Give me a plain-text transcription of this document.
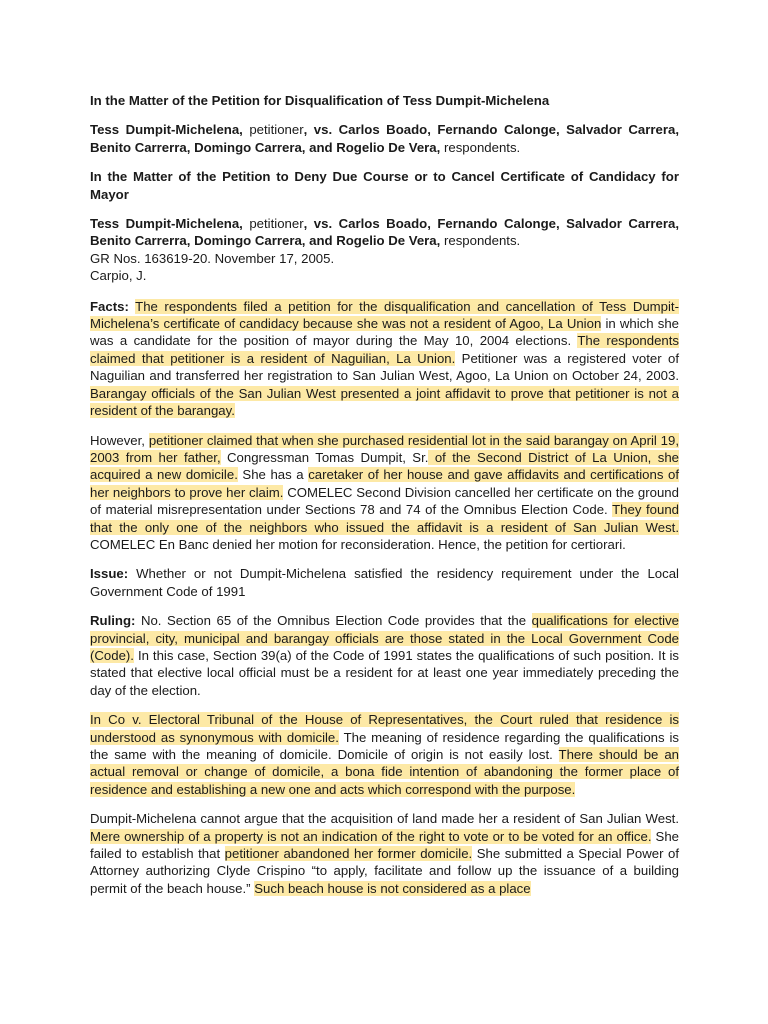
In the Matter of the Petition for Disqualification of Tess Dumpit-Michelena

Tess Dumpit-Michelena, petitioner, vs. Carlos Boado, Fernando Calonge, Salvador Carrera, Benito Carrerra, Domingo Carrera, and Rogelio De Vera, respondents.

In the Matter of the Petition to Deny Due Course or to Cancel Certificate of Candidacy for Mayor

Tess Dumpit-Michelena, petitioner, vs. Carlos Boado, Fernando Calonge, Salvador Carrera, Benito Carrerra, Domingo Carrera, and Rogelio De Vera, respondents.

GR Nos. 163619-20. November 17, 2005.

Carpio, J.

Facts: The respondents filed a petition for the disqualification and cancellation of Tess Dumpit-Michelena’s certificate of candidacy because she was not a resident of Agoo, La Union in which she was a candidate for the position of mayor during the May 10, 2004 elections. The respondents claimed that petitioner is a resident of Naguilian, La Union. Petitioner was a registered voter of Naguilian and transferred her registration to San Julian West, Agoo, La Union on October 24, 2003. Barangay officials of the San Julian West presented a joint affidavit to prove that petitioner is not a resident of the barangay.

However, petitioner claimed that when she purchased residential lot in the said barangay on April 19, 2003 from her father, Congressman Tomas Dumpit, Sr. of the Second District of La Union, she acquired a new domicile. She has a caretaker of her house and gave affidavits and certifications of her neighbors to prove her claim. COMELEC Second Division cancelled her certificate on the ground of material misrepresentation under Sections 78 and 74 of the Omnibus Election Code. They found that the only one of the neighbors who issued the affidavit is a resident of San Julian West. COMELEC En Banc denied her motion for reconsideration. Hence, the petition for certiorari.

Issue: Whether or not Dumpit-Michelena satisfied the residency requirement under the Local Government Code of 1991

Ruling: No. Section 65 of the Omnibus Election Code provides that the qualifications for elective provincial, city, municipal and barangay officials are those stated in the Local Government Code (Code). In this case, Section 39(a) of the Code of 1991 states the qualifications of such position. It is stated that elective local official must be a resident for at least one year immediately preceding the day of the election.

In Co v. Electoral Tribunal of the House of Representatives, the Court ruled that residence is understood as synonymous with domicile. The meaning of residence regarding the qualifications is the same with the meaning of domicile. Domicile of origin is not easily lost. There should be an actual removal or change of domicile, a bona fide intention of abandoning the former place of residence and establishing a new one and acts which correspond with the purpose.

Dumpit-Michelena cannot argue that the acquisition of land made her a resident of San Julian West. Mere ownership of a property is not an indication of the right to vote or to be voted for an office. She failed to establish that petitioner abandoned her former domicile. She submitted a Special Power of Attorney authorizing Clyde Crispino “to apply, facilitate and follow up the issuance of a building permit of the beach house.” Such beach house is not considered as a place
